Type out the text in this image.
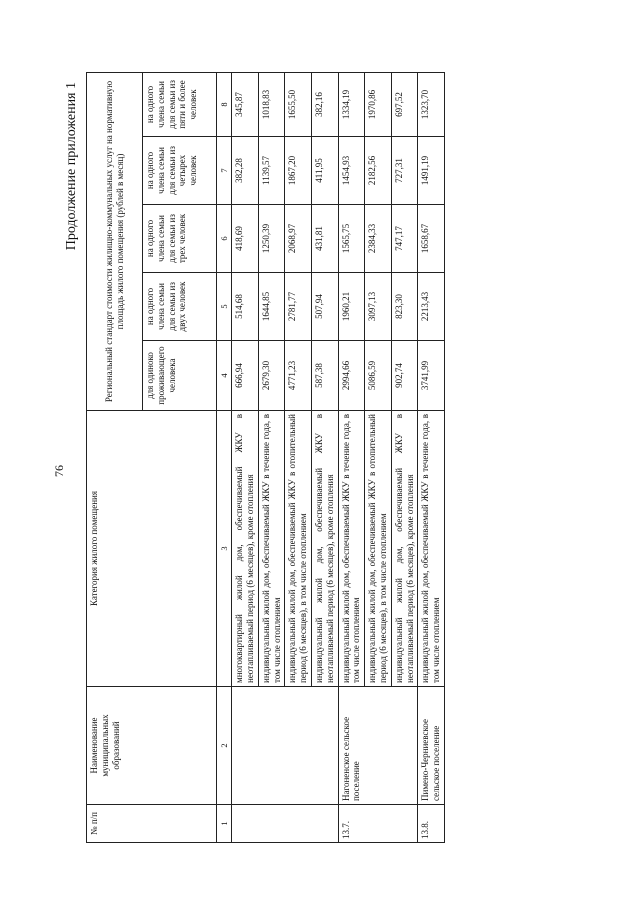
76
Продолжение приложения 1
№ п/п	Наименование муниципальных образований	Категория жилого помещения	Региональный стандарт стоимости жилищно-коммунальных услуг на нормативную площадь жилого помещения (рублей в месяц)				
			для одиноко проживающего человека	на одного члена семьи для семьи из двух человек	на одного члена семьи для семьи из трех человек	на одного члена семьи для семьи из четырех человек	на одного члена семьи для семьи из пяти и более человек
1	2	3	4	5	6	7	8
		многоквартирный жилой дом, обеспечиваемый ЖКУ в неотапливаемый период (6 месяцев), кроме отопления	666,94	514,68	418,69	382,28	345,87
		индивидуальный жилой дом, обеспечиваемый ЖКУ в течение года, в том числе отоплением	2679,30	1644,85	1250,39	1139,57	1018,83
		индивидуальный жилой дом, обеспечиваемый ЖКУ в отопительный период (6 месяцев), в том числе отоплением	4771,23	2781,77	2068,97	1867,20	1655,50
		индивидуальный жилой дом, обеспечиваемый ЖКУ в неотапливаемый период (6 месяцев), кроме отопления	587,38	507,94	431,81	411,95	382,16
13.7.	Нагоненское сельское поселение	индивидуальный жилой дом, обеспечиваемый ЖКУ в течение года, в том числе отоплением	2994,66	1960,21	1565,75	1454,93	1334,19
		индивидуальный жилой дом, обеспечиваемый ЖКУ в отопительный период (6 месяцев), в том числе отоплением	5086,59	3097,13	2384,33	2182,56	1970,86
		индивидуальный жилой дом, обеспечиваемый ЖКУ в неотапливаемый период (6 месяцев), кроме отопления	902,74	823,30	747,17	727,31	697,52
13.8.	Пимено-Черниевское сельское поселение	индивидуальный жилой дом, обеспечиваемый ЖКУ в течение года, в том числе отоплением	3741,99	2213,43	1658,67	1491,19	1323,70
